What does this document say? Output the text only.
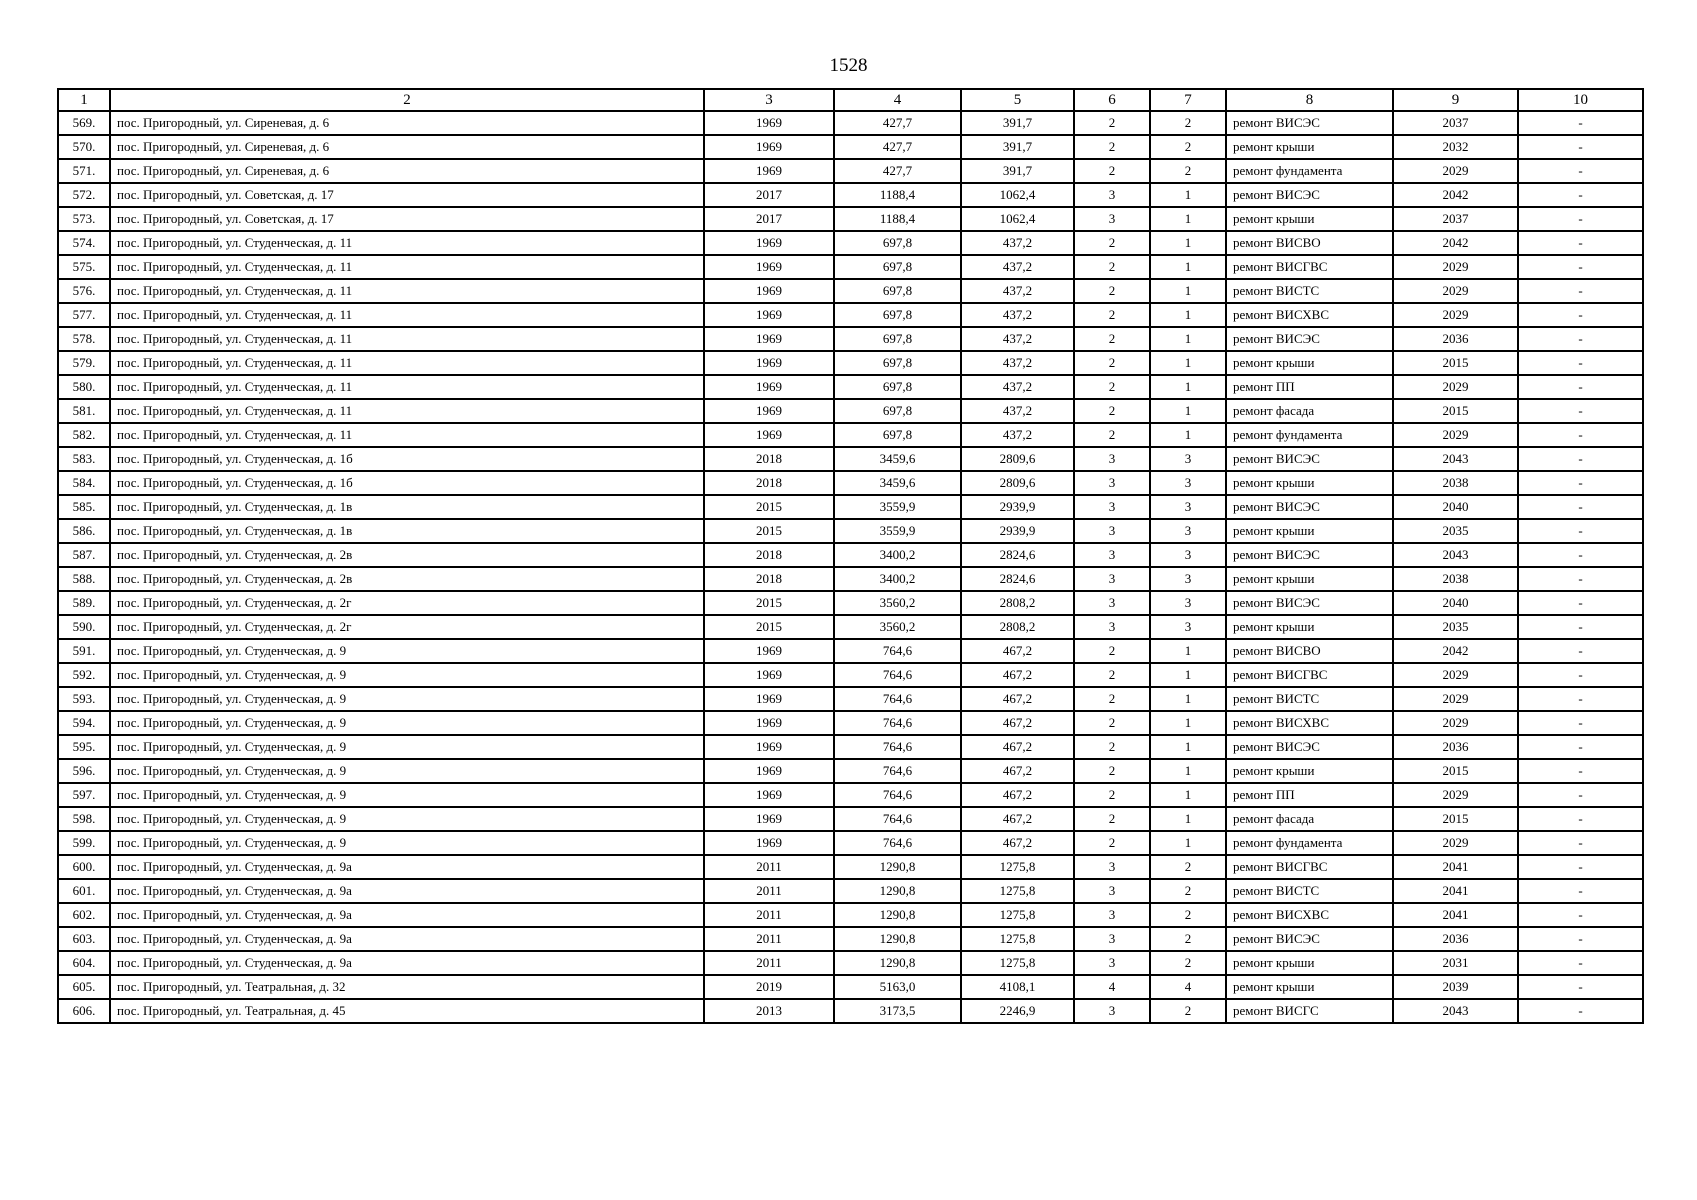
1528
1	2	3	4	5	6	7	8	9	10
569.	пос. Пригородный, ул. Сиреневая, д. 6	1969	427,7	391,7	2	2	ремонт ВИСЭС	2037	-
570.	пос. Пригородный, ул. Сиреневая, д. 6	1969	427,7	391,7	2	2	ремонт крыши	2032	-
571.	пос. Пригородный, ул. Сиреневая, д. 6	1969	427,7	391,7	2	2	ремонт фундамента	2029	-
572.	пос. Пригородный, ул. Советская, д. 17	2017	1188,4	1062,4	3	1	ремонт ВИСЭС	2042	-
573.	пос. Пригородный, ул. Советская, д. 17	2017	1188,4	1062,4	3	1	ремонт крыши	2037	-
574.	пос. Пригородный, ул. Студенческая, д. 11	1969	697,8	437,2	2	1	ремонт ВИСВО	2042	-
575.	пос. Пригородный, ул. Студенческая, д. 11	1969	697,8	437,2	2	1	ремонт ВИСГВС	2029	-
576.	пос. Пригородный, ул. Студенческая, д. 11	1969	697,8	437,2	2	1	ремонт ВИСТС	2029	-
577.	пос. Пригородный, ул. Студенческая, д. 11	1969	697,8	437,2	2	1	ремонт ВИСХВС	2029	-
578.	пос. Пригородный, ул. Студенческая, д. 11	1969	697,8	437,2	2	1	ремонт ВИСЭС	2036	-
579.	пос. Пригородный, ул. Студенческая, д. 11	1969	697,8	437,2	2	1	ремонт крыши	2015	-
580.	пос. Пригородный, ул. Студенческая, д. 11	1969	697,8	437,2	2	1	ремонт ПП	2029	-
581.	пос. Пригородный, ул. Студенческая, д. 11	1969	697,8	437,2	2	1	ремонт фасада	2015	-
582.	пос. Пригородный, ул. Студенческая, д. 11	1969	697,8	437,2	2	1	ремонт фундамента	2029	-
583.	пос. Пригородный, ул. Студенческая, д. 1б	2018	3459,6	2809,6	3	3	ремонт ВИСЭС	2043	-
584.	пос. Пригородный, ул. Студенческая, д. 1б	2018	3459,6	2809,6	3	3	ремонт крыши	2038	-
585.	пос. Пригородный, ул. Студенческая, д. 1в	2015	3559,9	2939,9	3	3	ремонт ВИСЭС	2040	-
586.	пос. Пригородный, ул. Студенческая, д. 1в	2015	3559,9	2939,9	3	3	ремонт крыши	2035	-
587.	пос. Пригородный, ул. Студенческая, д. 2в	2018	3400,2	2824,6	3	3	ремонт ВИСЭС	2043	-
588.	пос. Пригородный, ул. Студенческая, д. 2в	2018	3400,2	2824,6	3	3	ремонт крыши	2038	-
589.	пос. Пригородный, ул. Студенческая, д. 2г	2015	3560,2	2808,2	3	3	ремонт ВИСЭС	2040	-
590.	пос. Пригородный, ул. Студенческая, д. 2г	2015	3560,2	2808,2	3	3	ремонт крыши	2035	-
591.	пос. Пригородный, ул. Студенческая, д. 9	1969	764,6	467,2	2	1	ремонт ВИСВО	2042	-
592.	пос. Пригородный, ул. Студенческая, д. 9	1969	764,6	467,2	2	1	ремонт ВИСГВС	2029	-
593.	пос. Пригородный, ул. Студенческая, д. 9	1969	764,6	467,2	2	1	ремонт ВИСТС	2029	-
594.	пос. Пригородный, ул. Студенческая, д. 9	1969	764,6	467,2	2	1	ремонт ВИСХВС	2029	-
595.	пос. Пригородный, ул. Студенческая, д. 9	1969	764,6	467,2	2	1	ремонт ВИСЭС	2036	-
596.	пос. Пригородный, ул. Студенческая, д. 9	1969	764,6	467,2	2	1	ремонт крыши	2015	-
597.	пос. Пригородный, ул. Студенческая, д. 9	1969	764,6	467,2	2	1	ремонт ПП	2029	-
598.	пос. Пригородный, ул. Студенческая, д. 9	1969	764,6	467,2	2	1	ремонт фасада	2015	-
599.	пос. Пригородный, ул. Студенческая, д. 9	1969	764,6	467,2	2	1	ремонт фундамента	2029	-
600.	пос. Пригородный, ул. Студенческая, д. 9а	2011	1290,8	1275,8	3	2	ремонт ВИСГВС	2041	-
601.	пос. Пригородный, ул. Студенческая, д. 9а	2011	1290,8	1275,8	3	2	ремонт ВИСТС	2041	-
602.	пос. Пригородный, ул. Студенческая, д. 9а	2011	1290,8	1275,8	3	2	ремонт ВИСХВС	2041	-
603.	пос. Пригородный, ул. Студенческая, д. 9а	2011	1290,8	1275,8	3	2	ремонт ВИСЭС	2036	-
604.	пос. Пригородный, ул. Студенческая, д. 9а	2011	1290,8	1275,8	3	2	ремонт крыши	2031	-
605.	пос. Пригородный, ул. Театральная, д. 32	2019	5163,0	4108,1	4	4	ремонт крыши	2039	-
606.	пос. Пригородный, ул. Театральная, д. 45	2013	3173,5	2246,9	3	2	ремонт ВИСГС	2043	-
